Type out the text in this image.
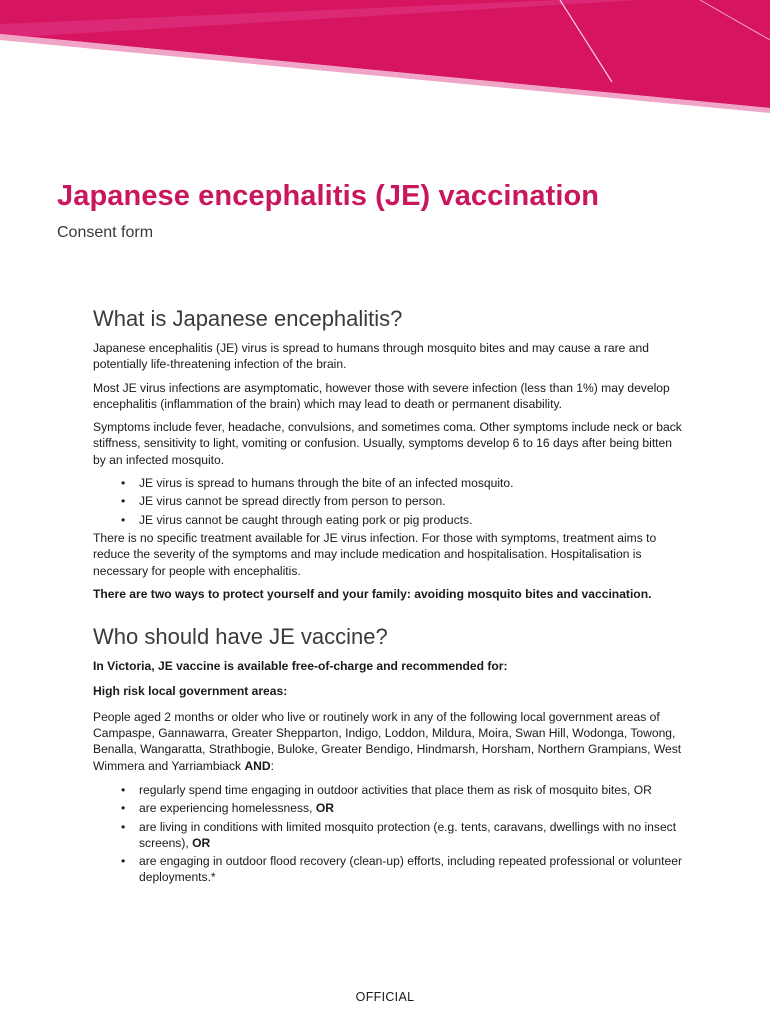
Japanese encephalitis (JE) vaccination
Consent form
What is Japanese encephalitis?

Japanese encephalitis (JE) virus is spread to humans through mosquito bites and may cause a rare and potentially life-threatening infection of the brain.

Most JE virus infections are asymptomatic, however those with severe infection (less than 1%) may develop encephalitis (inflammation of the brain) which may lead to death or permanent disability.

Symptoms include fever, headache, convulsions, and sometimes coma. Other symptoms include neck or back stiffness, sensitivity to light, vomiting or confusion. Usually, symptoms develop 6 to 16 days after being bitten by an infected mosquito.

• JE virus is spread to humans through the bite of an infected mosquito.
• JE virus cannot be spread directly from person to person.
• JE virus cannot be caught through eating pork or pig products.

There is no specific treatment available for JE virus infection. For those with symptoms, treatment aims to reduce the severity of the symptoms and may include medication and hospitalisation. Hospitalisation is necessary for people with encephalitis.

There are two ways to protect yourself and your family: avoiding mosquito bites and vaccination.

Who should have JE vaccine?

In Victoria, JE vaccine is available free-of-charge and recommended for:

High risk local government areas:

People aged 2 months or older who live or routinely work in any of the following local government areas of Campaspe, Gannawarra, Greater Shepparton, Indigo, Loddon, Mildura, Moira, Swan Hill, Wodonga, Towong, Benalla, Wangaratta, Strathbogie, Buloke, Greater Bendigo, Hindmarsh, Horsham, Northern Grampians, West Wimmera and Yarriambiack AND:

• regularly spend time engaging in outdoor activities that place them as risk of mosquito bites, OR
• are experiencing homelessness, OR
• are living in conditions with limited mosquito protection (e.g. tents, caravans, dwellings with no insect screens), OR
• are engaging in outdoor flood recovery (clean-up) efforts, including repeated professional or volunteer deployments.*
OFFICIAL
